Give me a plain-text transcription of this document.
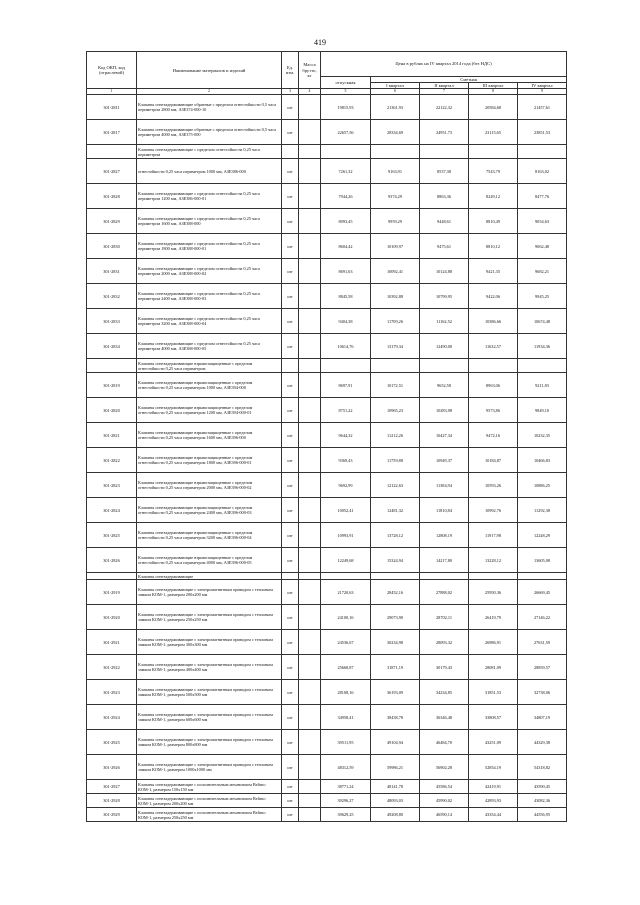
419
Код ОКП, код (отраслевой)	Наименование материалов и изделий	Ед. изм.	Масса брутто, кг	Цена в рублях на IV квартал 2014 года (без НДС)				
				отпускная	Сметная			
					I квартал	II квартал	III квартал	IV квартал
1	2	3	4	5	6	7	8	9
301-2811	Клапаны огнезадерживающие обратные с пределом огнестойкости 0,5 часа периметром 2800 мм, АЗЕ374-000-10	шт		19815,93	21361,93	22122,32	20584,68	21457,61
301-2817	Клапаны огнезадерживающие обратные с пределом огнестойкости 0,5 часа периметром 4000 мм, АЗЕ375-000	шт		22657,56	28334,69	24951,73	23115,65	23851,53
	Клапаны огнезадерживающие с пределом огнестойкости 0,25 часа периметром							
301-2827	огнестойкости 0,25 часа периметром 1000 мм, АЗЕ386-000	шт		7261,32	9163,91	8537,38	7543,79	8163,02
301-2828	Клапаны огнезадерживающие с пределом огнестойкости 0,25 часа периметром 1200 мм, АЗЕ386-000-01	шт		7944,26	9374,29	8863,36	8249,12	8477,76
301-2829	Клапаны огнезадерживающие с пределом огнестойкости 0,25 часа периметром 1600 мм, АЗЕ388-000	шт		8093,45	9959,29	9448,61	8810,49	9054,63
301-2830	Клапаны огнезадерживающие с пределом огнестойкости 0,25 часа периметром 1800 мм, АЗЕ388-000-01	шт		8604,42	10109,97	9475,61	8810,12	9062,48
301-2831	Клапаны огнезадерживающие с пределом огнестойкости 0,25 часа периметром 2000 мм, АЗЕ388-000-02	шт		8691,63	10092,41	10124,88	9421,35	9682,21
301-2832	Клапаны огнезадерживающие с пределом огнестойкости 0,25 часа периметром 2400 мм, АЗЕ388-000-03	шт		8845,58	10392,88	10799,95	9422,06	9945,25
301-2833	Клапаны огнезадерживающие с пределом огнестойкости 0,25 часа периметром 3200 мм, АЗЕ388-000-04	шт		9404,38	11709,26	11162,52	10386,66	10674,48
301-2834	Клапаны огнезадерживающие с пределом огнестойкости 0,25 часа периметром 4000 мм, АЗЕ388-000-05	шт		10614,76	13179,34	12490,00	11632,57	11934,36
	Клапаны огнезадерживающие взрывозащищенные с пределом огнестойкости 0,25 часа периметром							
301-2819	Клапаны огнезадерживающие взрывозащищенные с пределом огнестойкости 0,25 часа периметром 1000 мм, АЗЕ394-000	шт		8697,91	10172,51	9652,58	8963,06	9211,83
301-2820	Клапаны огнезадерживающие взрывозащищенные с пределом огнестойкости 0,25 часа периметром 1200 мм, АЗЕ394-000-01	шт		8751,22	10965,23	10283,98	9573,86	9849,10
301-2821	Клапаны огнезадерживающие взрывозащищенные с пределом огнестойкости 0,25 часа периметром 1600 мм, АЗЕ396-000	шт		9644,32	11212,26	10427,34	9472,16	10232,35
301-2822	Клапаны огнезадерживающие взрывозащищенные с пределом огнестойкости 0,25 часа периметром 1800 мм, АЗЕ396-000-01	шт		9369,43	11759,88	10949,37	10184,87	10466,83
301-2823	Клапаны огнезадерживающие взрывозащищенные с пределом огнестойкости 0,25 часа периметром 2000 мм, АЗЕ396-000-02	шт		9692,99	12122,63	11384,94	10593,26	10886,25
301-2824	Клапаны огнезадерживающие взрывозащищенные с пределом огнестойкости 0,25 часа периметром 2400 мм, АЗЕ396-000-03	шт		10052,41	12481,32	11810,84	10992,76	11292,38
301-2825	Клапаны огнезадерживающие взрывозащищенные с пределом огнестойкости 0,25 часа периметром 3200 мм, АЗЕ396-000-04	шт		10993,91	13728,12	12808,19	11917,98	12248,29
301-2826	Клапаны огнезадерживающие взрывозащищенные с пределом огнестойкости 0,25 часа периметром 4000 мм, АЗЕ396-000-05	шт		12249,68	15324,94	14217,80	13228,12	13605,08
	Клапаны огнезадерживающие							
301-2919	Клапаны огнезадерживающие с электромагнитным приводом с тепловым замком КОМ-1, размером 200x200 мм	шт		21720,63	28452,16	27888,02	25950,36	26669,45
301-2920	Клапаны огнезадерживающие с электромагнитным приводом с тепловым замком КОМ-1, размером 250x250 мм	шт		24100,16	29073,90	28702,11	26419,79	27146,22
301-2921	Клапаны огнезадерживающие с электромагнитным приводом с тепловым замком КОМ-1, размером 300x300 мм	шт		24536,67	30234,98	28093,32	26986,91	27631,59
301-2922	Клапаны огнезадерживающие с электромагнитным приводом с тепловым замком КОМ-1, размером 400x400 мм	шт		25668,87	31871,19	30179,43	28081,09	28859,57
301-2923	Клапаны огнезадерживающие с электромагнитным приводом с тепловым замком КОМ-1, размером 500x500 мм	шт		28108,16	36193,09	34234,85	31851,53	32738,06
301-2924	Клапаны огнезадерживающие с электромагнитным приводом с тепловым замком КОМ-1, размером 600x600 мм	шт		34958,41	38438,78	36346,48	33808,57	34807,19
301-2925	Клапаны огнезадерживающие с электромагнитным приводом с тепловым замком КОМ-1, размером 800x800 мм	шт		39511,95	49104,94	46484,70	43251,09	44329,38
301-2926	Клапаны огнезадерживающие с электромагнитным приводом с тепловым замком КОМ-1, размером 1000x1000 мм	шт		48312,59	59986,21	56902,28	52854,19	54318,82
301-2927	Клапаны огнезадерживающие с исполнительным механизмом Belimo КОМ-1, размером 150x150 мм	шт		38771,24	48141,78	45586,54	42419,91	43590,45
301-2928	Клапаны огнезадерживающие с исполнительным механизмом Belimo КОМ-1, размером 200x200 мм	шт		39296,27	48093,03	45990,02	42893,93	43082,36
301-2929	Клапаны огнезадерживающие с исполнительным механизмом Belimo КОМ-1, размером 250x250 мм	шт		39629,25	49208,80	46590,14	43354,44	44556,95
